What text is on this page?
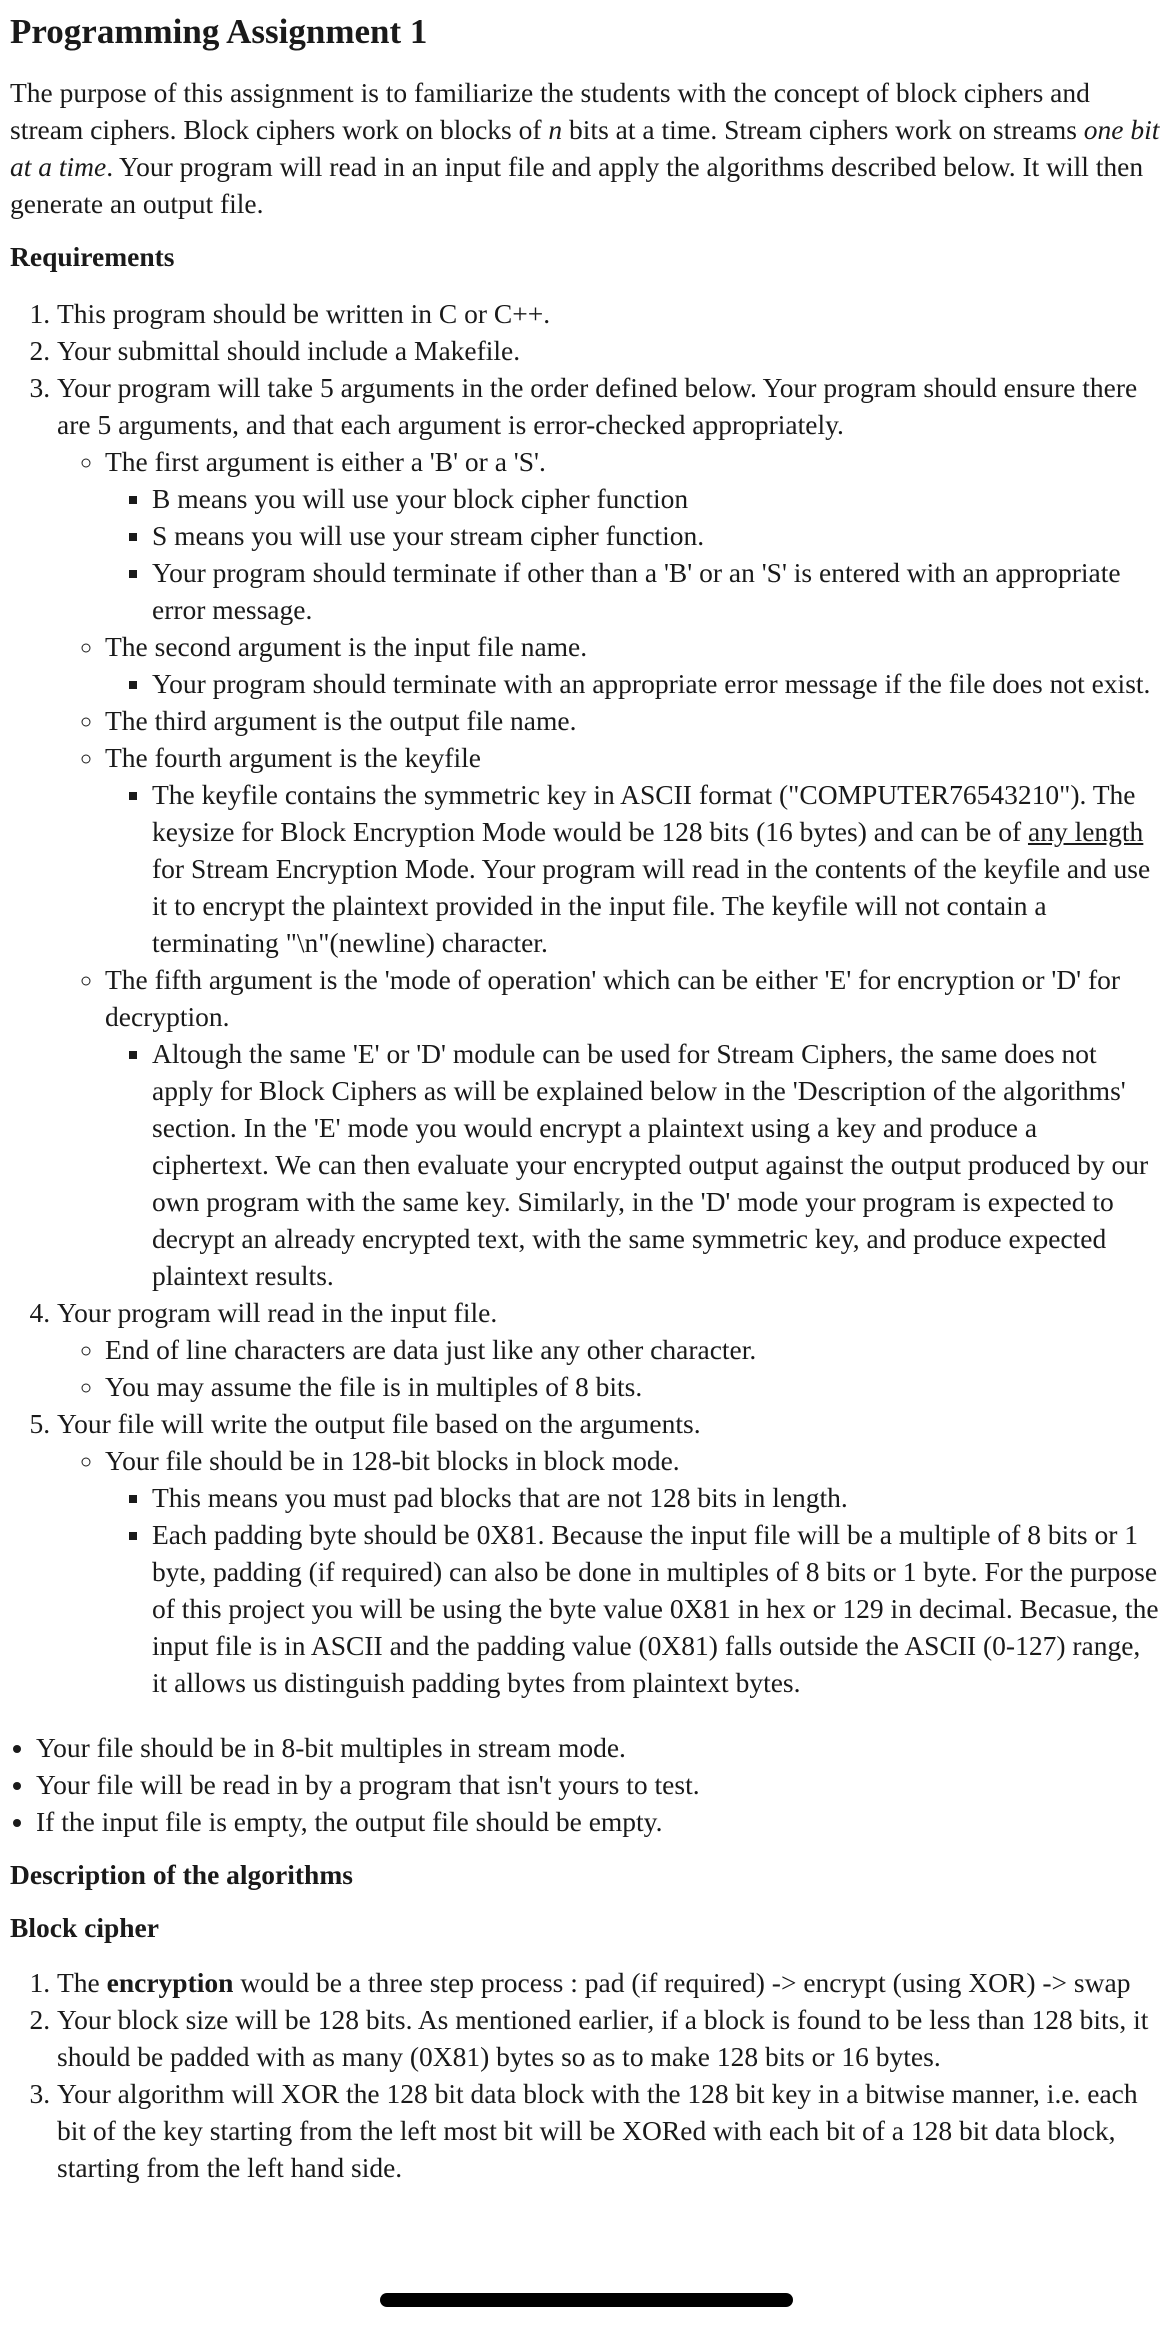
Programming Assignment 1

The purpose of this assignment is to familiarize the students with the concept of block ciphers and stream ciphers. Block ciphers work on blocks of n bits at a time. Stream ciphers work on streams one bit at a time. Your program will read in an input file and apply the algorithms described below. It will then generate an output file.

Requirements
1. This program should be written in C or C++.
2. Your submittal should include a Makefile.
3. Your program will take 5 arguments in the order defined below. Your program should ensure there are 5 arguments, and that each argument is error-checked appropriately.
◦ The first argument is either a 'B' or a 'S'.
▪ B means you will use your block cipher function
▪ S means you will use your stream cipher function.
▪ Your program should terminate if other than a 'B' or an 'S' is entered with an appropriate error message.
◦ The second argument is the input file name.
▪ Your program should terminate with an appropriate error message if the file does not exist.
◦ The third argument is the output file name.
◦ The fourth argument is the keyfile
▪ The keyfile contains the symmetric key in ASCII format ("COMPUTER76543210"). The keysize for Block Encryption Mode would be 128 bits (16 bytes) and can be of any length for Stream Encryption Mode. Your program will read in the contents of the keyfile and use it to encrypt the plaintext provided in the input file. The keyfile will not contain a terminating "\n"(newline) character.
◦ The fifth argument is the 'mode of operation' which can be either 'E' for encryption or 'D' for decryption.
▪ Altough the same 'E' or 'D' module can be used for Stream Ciphers, the same does not apply for Block Ciphers as will be explained below in the 'Description of the algorithms' section. In the 'E' mode you would encrypt a plaintext using a key and produce a ciphertext. We can then evaluate your encrypted output against the output produced by our own program with the same key. Similarly, in the 'D' mode your program is expected to decrypt an already encrypted text, with the same symmetric key, and produce expected plaintext results.
4. Your program will read in the input file.
◦ End of line characters are data just like any other character.
◦ You may assume the file is in multiples of 8 bits.
5. Your file will write the output file based on the arguments.
◦ Your file should be in 128-bit blocks in block mode.
▪ This means you must pad blocks that are not 128 bits in length.
▪ Each padding byte should be 0X81. Because the input file will be a multiple of 8 bits or 1 byte, padding (if required) can also be done in multiples of 8 bits or 1 byte. For the purpose of this project you will be using the byte value 0X81 in hex or 129 in decimal. Becasue, the input file is in ASCII and the padding value (0X81) falls outside the ASCII (0-127) range, it allows us distinguish padding bytes from plaintext bytes.
• Your file should be in 8-bit multiples in stream mode.
• Your file will be read in by a program that isn't yours to test.
• If the input file is empty, the output file should be empty.
Description of the algorithms
Block cipher
1. The encryption would be a three step process : pad (if required) -> encrypt (using XOR) -> swap
2. Your block size will be 128 bits. As mentioned earlier, if a block is found to be less than 128 bits, it should be padded with as many (0X81) bytes so as to make 128 bits or 16 bytes.
3. Your algorithm will XOR the 128 bit data block with the 128 bit key in a bitwise manner, i.e. each bit of the key starting from the left most bit will be XORed with each bit of a 128 bit data block, starting from the left hand side.
